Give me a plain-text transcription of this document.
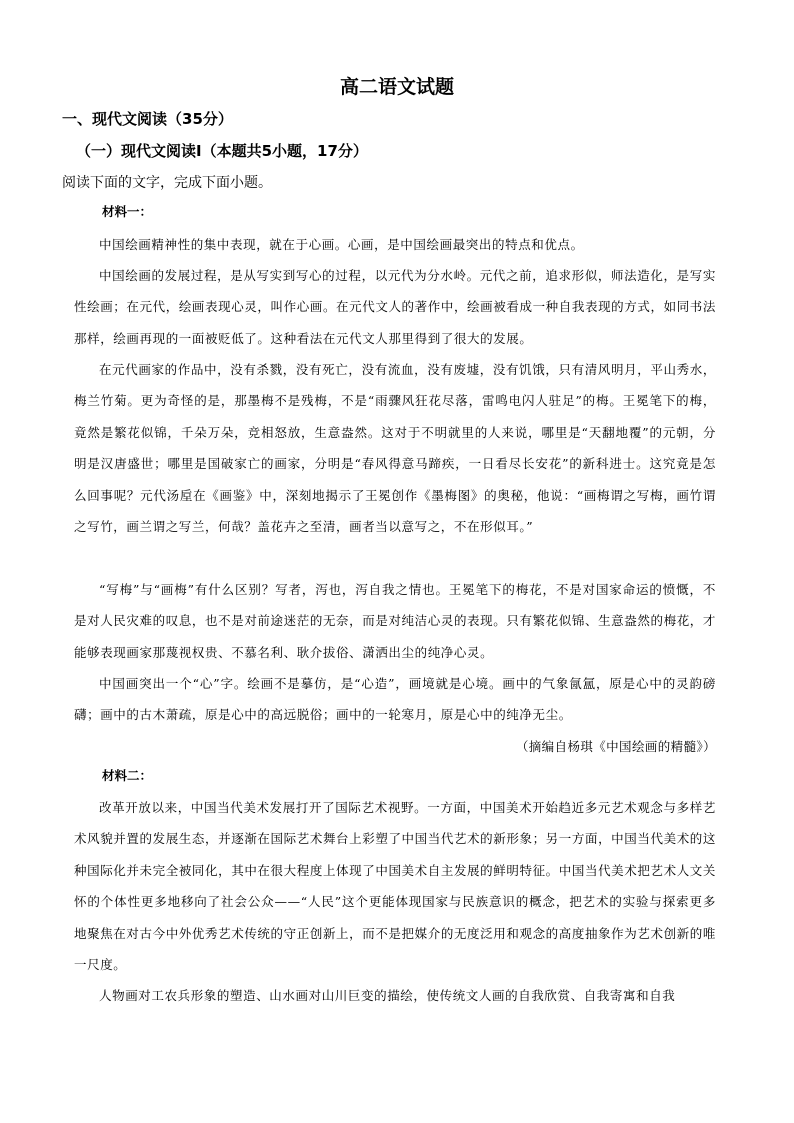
高二语文试题
一、现代文阅读（35分）
（一）现代文阅读Ⅰ（本题共5小题，17分）
阅读下面的文字，完成下面小题。
材料一：
中国绘画精神性的集中表现，就在于心画。心画，是中国绘画最突出的特点和优点。
中国绘画的发展过程，是从写实到写心的过程，以元代为分水岭。元代之前，追求形似，师法造化，是写实性绘画；在元代，绘画表现心灵，叫作心画。在元代文人的著作中，绘画被看成一种自我表现的方式，如同书法那样，绘画再现的一面被贬低了。这种看法在元代文人那里得到了很大的发展。
在元代画家的作品中，没有杀戮，没有死亡，没有流血，没有废墟，没有饥饿，只有清风明月，平山秀水，梅兰竹菊。更为奇怪的是，那墨梅不是残梅，不是“雨骤风狂花尽落，雷鸣电闪人驻足”的梅。王冕笔下的梅，竟然是繁花似锦，千朵万朵，竞相怒放，生意盎然。这对于不明就里的人来说，哪里是“天翻地覆”的元朝，分明是汉唐盛世；哪里是国破家亡的画家，分明是“春风得意马蹄疾，一日看尽长安花”的新科进士。这究竟是怎么回事呢？元代汤垕在《画鉴》中，深刻地揭示了王冕创作《墨梅图》的奥秘，他说：“画梅谓之写梅，画竹谓之写竹，画兰谓之写兰，何哉？盖花卉之至清，画者当以意写之，不在形似耳。”
“写梅”与“画梅”有什么区别？写者，泻也，泻自我之情也。王冕笔下的梅花，不是对国家命运的愤慨，不是对人民灾难的叹息，也不是对前途迷茫的无奈，而是对纯洁心灵的表现。只有繁花似锦、生意盎然的梅花，才能够表现画家那蔑视权贵、不慕名利、耿介拔俗、潇洒出尘的纯净心灵。
中国画突出一个“心”字。绘画不是摹仿，是“心造”，画境就是心境。画中的气象氤氲，原是心中的灵韵磅礴；画中的古木萧疏，原是心中的高远脱俗；画中的一轮寒月，原是心中的纯净无尘。
（摘编自杨琪《中国绘画的精髓》）
材料二：
改革开放以来，中国当代美术发展打开了国际艺术视野。一方面，中国美术开始趋近多元艺术观念与多样艺术风貌并置的发展生态，并逐渐在国际艺术舞台上彩塑了中国当代艺术的新形象；另一方面，中国当代美术的这种国际化并未完全被同化，其中在很大程度上体现了中国美术自主发展的鲜明特征。中国当代美术把艺术人文关怀的个体性更多地移向了社会公众——“人民”这个更能体现国家与民族意识的概念，把艺术的实验与探索更多地聚焦在对古今中外优秀艺术传统的守正创新上，而不是把媒介的无度泛用和观念的高度抽象作为艺术创新的唯一尺度。
人物画对工农兵形象的塑造、山水画对山川巨变的描绘，使传统文人画的自我欣赏、自我寄寓和自我
